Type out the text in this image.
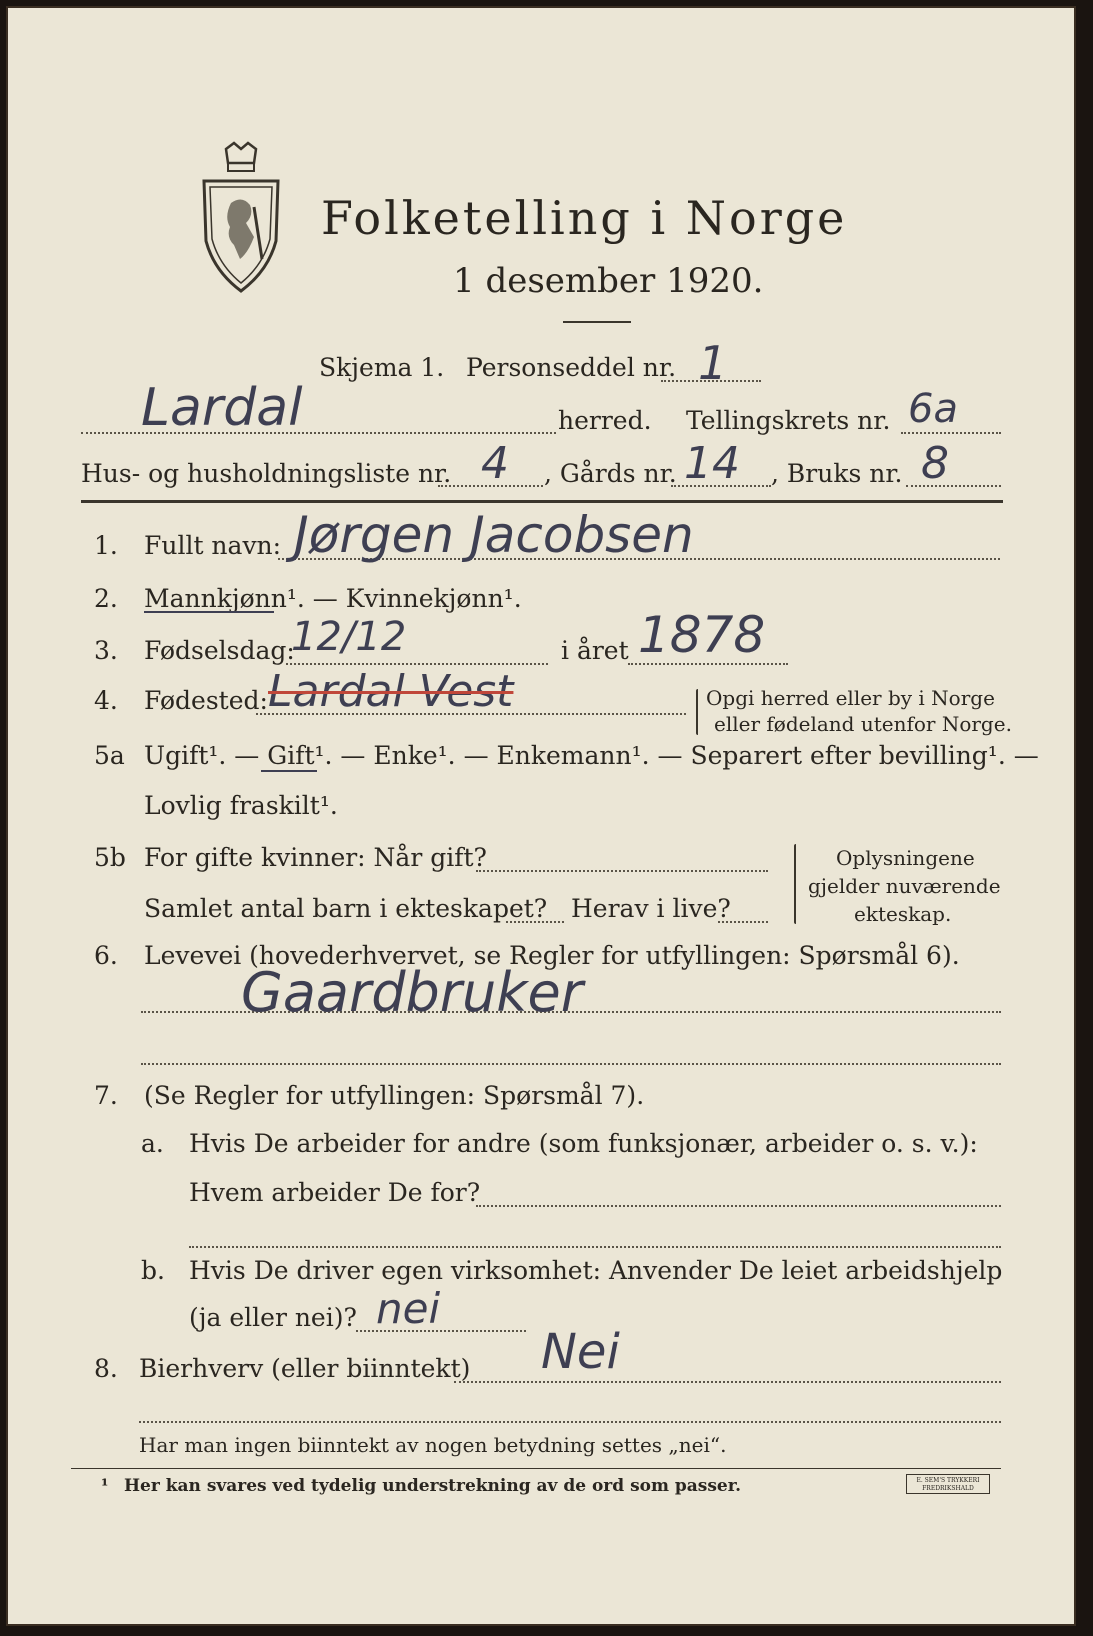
Folketelling i Norge
1 desember 1920.
Skjema 1. Personseddel nr. 1
Lardal	herred. Tellingskrets nr. 6a
Hus- og husholdningsliste nr. 4 , Gårds nr. 14 , Bruks nr. 8
1. Fullt navn: Jørgen Jacobsen
2. Mannkjønn¹. — Kvinnekjønn¹.
3. Fødselsdag:
12/12	i året 1878
4. Fødested: Lardal Vest	Opgi herred eller by i Norge
eller fødeland utenfor Norge.
5a Ugift¹. — Gift¹. — Enke¹. — Enkemann¹. — Separert efter bevilling¹. —
Lovlig fraskilt¹.
5b For gifte kvinner: Når gift?
Samlet antal barn i ekteskapet? Herav i live?
Oplysningene
gjelder nuværende
ekteskap.
6. Levevei (hovederhvervet, se Regler for utfyllingen: Spørsmål 6).
Gaardbruker
7. (Se Regler for utfyllingen: Spørsmål 7).
a. Hvis De arbeider for andre (som funksjonær, arbeider o. s. v.):
Hvem arbeider De for?
b. Hvis De driver egen virksomhet: Anvender De leiet arbeidshjelp
(ja eller nei)? nei
8. Bierhverv (eller biinntekt) Nei
Har man ingen biinntekt av nogen betydning settes „nei“.
¹ Her kan svares ved tydelig understrekning av de ord som passer.	E. SEM'S TRYKKERI FREDRIKSHALD
